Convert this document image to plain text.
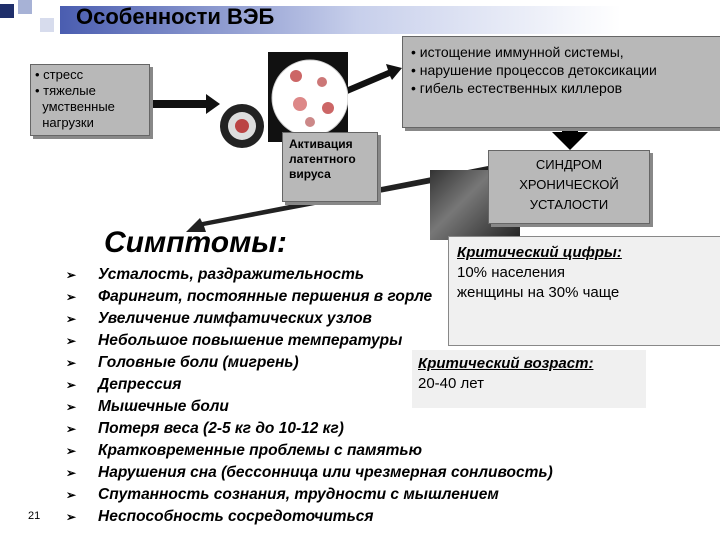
Особенности ВЭБ
• стресс
• тяжелые
умственные
нагрузки
• истощение иммунной системы,
• нарушение процессов детоксикации
• гибель естественных киллеров
Активация
латентного
вируса
СИНДРОМ
ХРОНИЧЕСКОЙ
УСТАЛОСТИ
Симптомы:
➢	Усталость, раздражительность
➢	Фарингит, постоянные першения в горле
➢	Увеличение лимфатических узлов
➢	Небольшое повышение температуры
➢	Головные боли (мигрень)
➢	Депрессия
➢	Мышечные боли
➢	Потеря веса (2-5 кг до 10-12 кг)
➢	Кратковременные проблемы с памятью
➢	Нарушения сна (бессонница или чрезмерная сонливость)
➢	Спутанность сознания, трудности с мышлением
➢	Неспособность сосредоточиться
Критический цифры:
10% населения
женщины на 30% чаще
Критический возраст:
20-40 лет
21
